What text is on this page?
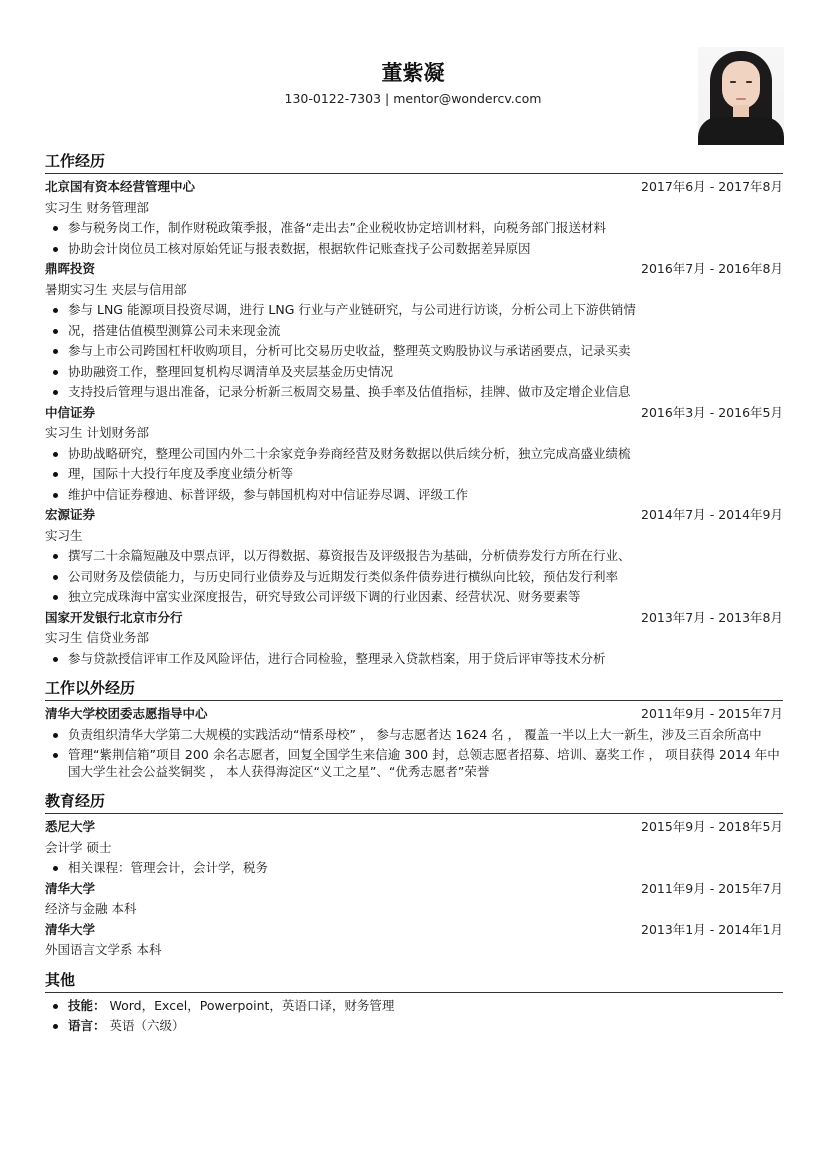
董紫凝
130-0122-7303 | mentor@wondercv.com
工作经历
北京国有资本经营管理中心	2017年6月 - 2017年8月
实习生 财务管理部
参与税务岗工作，制作财税政策季报，准备“走出去”企业税收协定培训材料，向税务部门报送材料
协助会计岗位员工核对原始凭证与报表数据，根据软件记账查找子公司数据差异原因
鼎晖投资	2016年7月 - 2016年8月
暑期实习生 夹层与信用部
参与 LNG 能源项目投资尽调，进行 LNG 行业与产业链研究，与公司进行访谈，分析公司上下游供销情
况，搭建估值模型测算公司未来现金流
参与上市公司跨国杠杆收购项目，分析可比交易历史收益，整理英文购股协议与承诺函要点，记录买卖
协助融资工作，整理回复机构尽调清单及夹层基金历史情况
支持投后管理与退出准备，记录分析新三板周交易量、换手率及估值指标，挂牌、做市及定增企业信息
中信证券	2016年3月 - 2016年5月
实习生 计划财务部
协助战略研究，整理公司国内外二十余家竞争券商经营及财务数据以供后续分析，独立完成高盛业绩梳
理，国际十大投行年度及季度业绩分析等
维护中信证券穆迪、标普评级，参与韩国机构对中信证券尽调、评级工作
宏源证券	2014年7月 - 2014年9月
实习生
撰写二十余篇短融及中票点评，以万得数据、募资报告及评级报告为基础，分析债券发行方所在行业、
公司财务及偿债能力，与历史同行业债券及与近期发行类似条件债券进行横纵向比较，预估发行利率
独立完成珠海中富实业深度报告，研究导致公司评级下调的行业因素、经营状况、财务要素等
国家开发银行北京市分行	2013年7月 - 2013年8月
实习生 信贷业务部
参与贷款授信评审工作及风险评估，进行合同检验，整理录入贷款档案，用于贷后评审等技术分析
工作以外经历
清华大学校团委志愿指导中心	2011年9月 - 2015年7月
负责组织清华大学第二大规模的实践活动“情系母校” ， 参与志愿者达 1624 名 ， 覆盖一半以上大一新生，涉及三百余所高中
管理“紫荆信箱”项目 200 余名志愿者，回复全国学生来信逾 300 封，总领志愿者招募、培训、嘉奖工作 ， 项目获得 2014 年中国大学生社会公益奖铜奖 ， 本人获得海淀区“义工之星”、“优秀志愿者”荣誉
教育经历
悉尼大学	2015年9月 - 2018年5月
会计学 硕士
相关课程：管理会计，会计学，税务
清华大学	2011年9月 - 2015年7月
经济与金融 本科
清华大学	2013年1月 - 2014年1月
外国语言文学系 本科
其他
技能： Word，Excel，Powerpoint，英语口译，财务管理
语言： 英语（六级）
